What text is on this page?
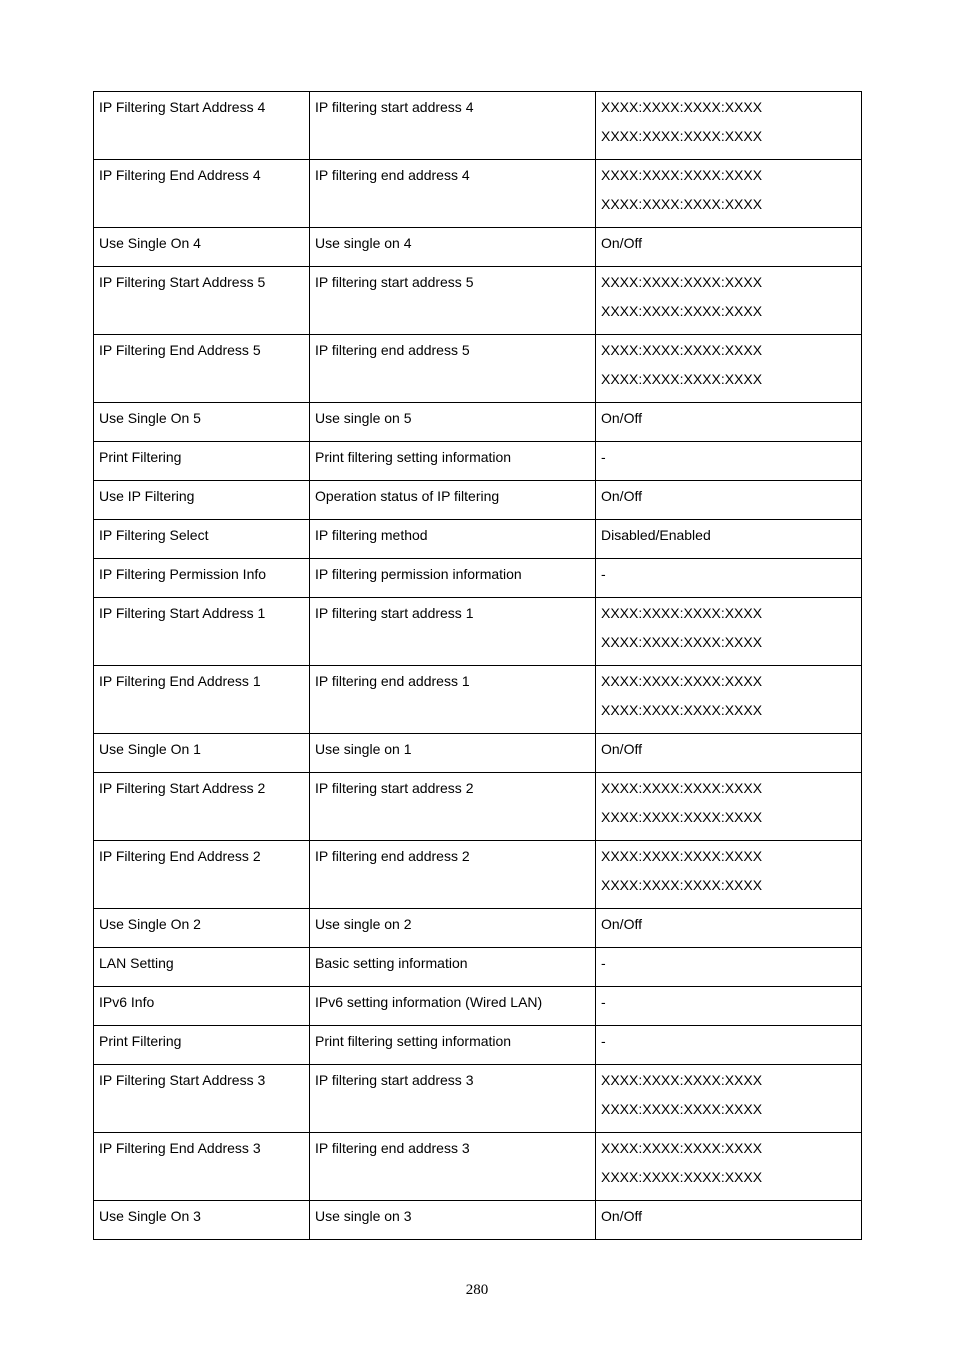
IP Filtering Start Address 4	IP filtering start address 4	XXXX:XXXX:XXXX:XXXX
XXXX:XXXX:XXXX:XXXX

IP Filtering End Address 4	IP filtering end address 4	XXXX:XXXX:XXXX:XXXX
XXXX:XXXX:XXXX:XXXX

Use Single On 4	Use single on 4	On/Off
IP Filtering Start Address 5	IP filtering start address 5	XXXX:XXXX:XXXX:XXXX
XXXX:XXXX:XXXX:XXXX

IP Filtering End Address 5	IP filtering end address 5	XXXX:XXXX:XXXX:XXXX
XXXX:XXXX:XXXX:XXXX

Use Single On 5	Use single on 5	On/Off
Print Filtering	Print filtering setting information	-
Use IP Filtering	Operation status of IP filtering	On/Off
IP Filtering Select	IP filtering method	Disabled/Enabled
IP Filtering Permission Info	IP filtering permission information	-
IP Filtering Start Address 1	IP filtering start address 1	XXXX:XXXX:XXXX:XXXX
XXXX:XXXX:XXXX:XXXX

IP Filtering End Address 1	IP filtering end address 1	XXXX:XXXX:XXXX:XXXX
XXXX:XXXX:XXXX:XXXX

Use Single On 1	Use single on 1	On/Off
IP Filtering Start Address 2	IP filtering start address 2	XXXX:XXXX:XXXX:XXXX
XXXX:XXXX:XXXX:XXXX

IP Filtering End Address 2	IP filtering end address 2	XXXX:XXXX:XXXX:XXXX
XXXX:XXXX:XXXX:XXXX

Use Single On 2	Use single on 2	On/Off
LAN Setting	Basic setting information	-
IPv6 Info	IPv6 setting information (Wired LAN)	-
Print Filtering	Print filtering setting information	-
IP Filtering Start Address 3	IP filtering start address 3	XXXX:XXXX:XXXX:XXXX
XXXX:XXXX:XXXX:XXXX

IP Filtering End Address 3	IP filtering end address 3	XXXX:XXXX:XXXX:XXXX
XXXX:XXXX:XXXX:XXXX

Use Single On 3	Use single on 3	On/Off
280
